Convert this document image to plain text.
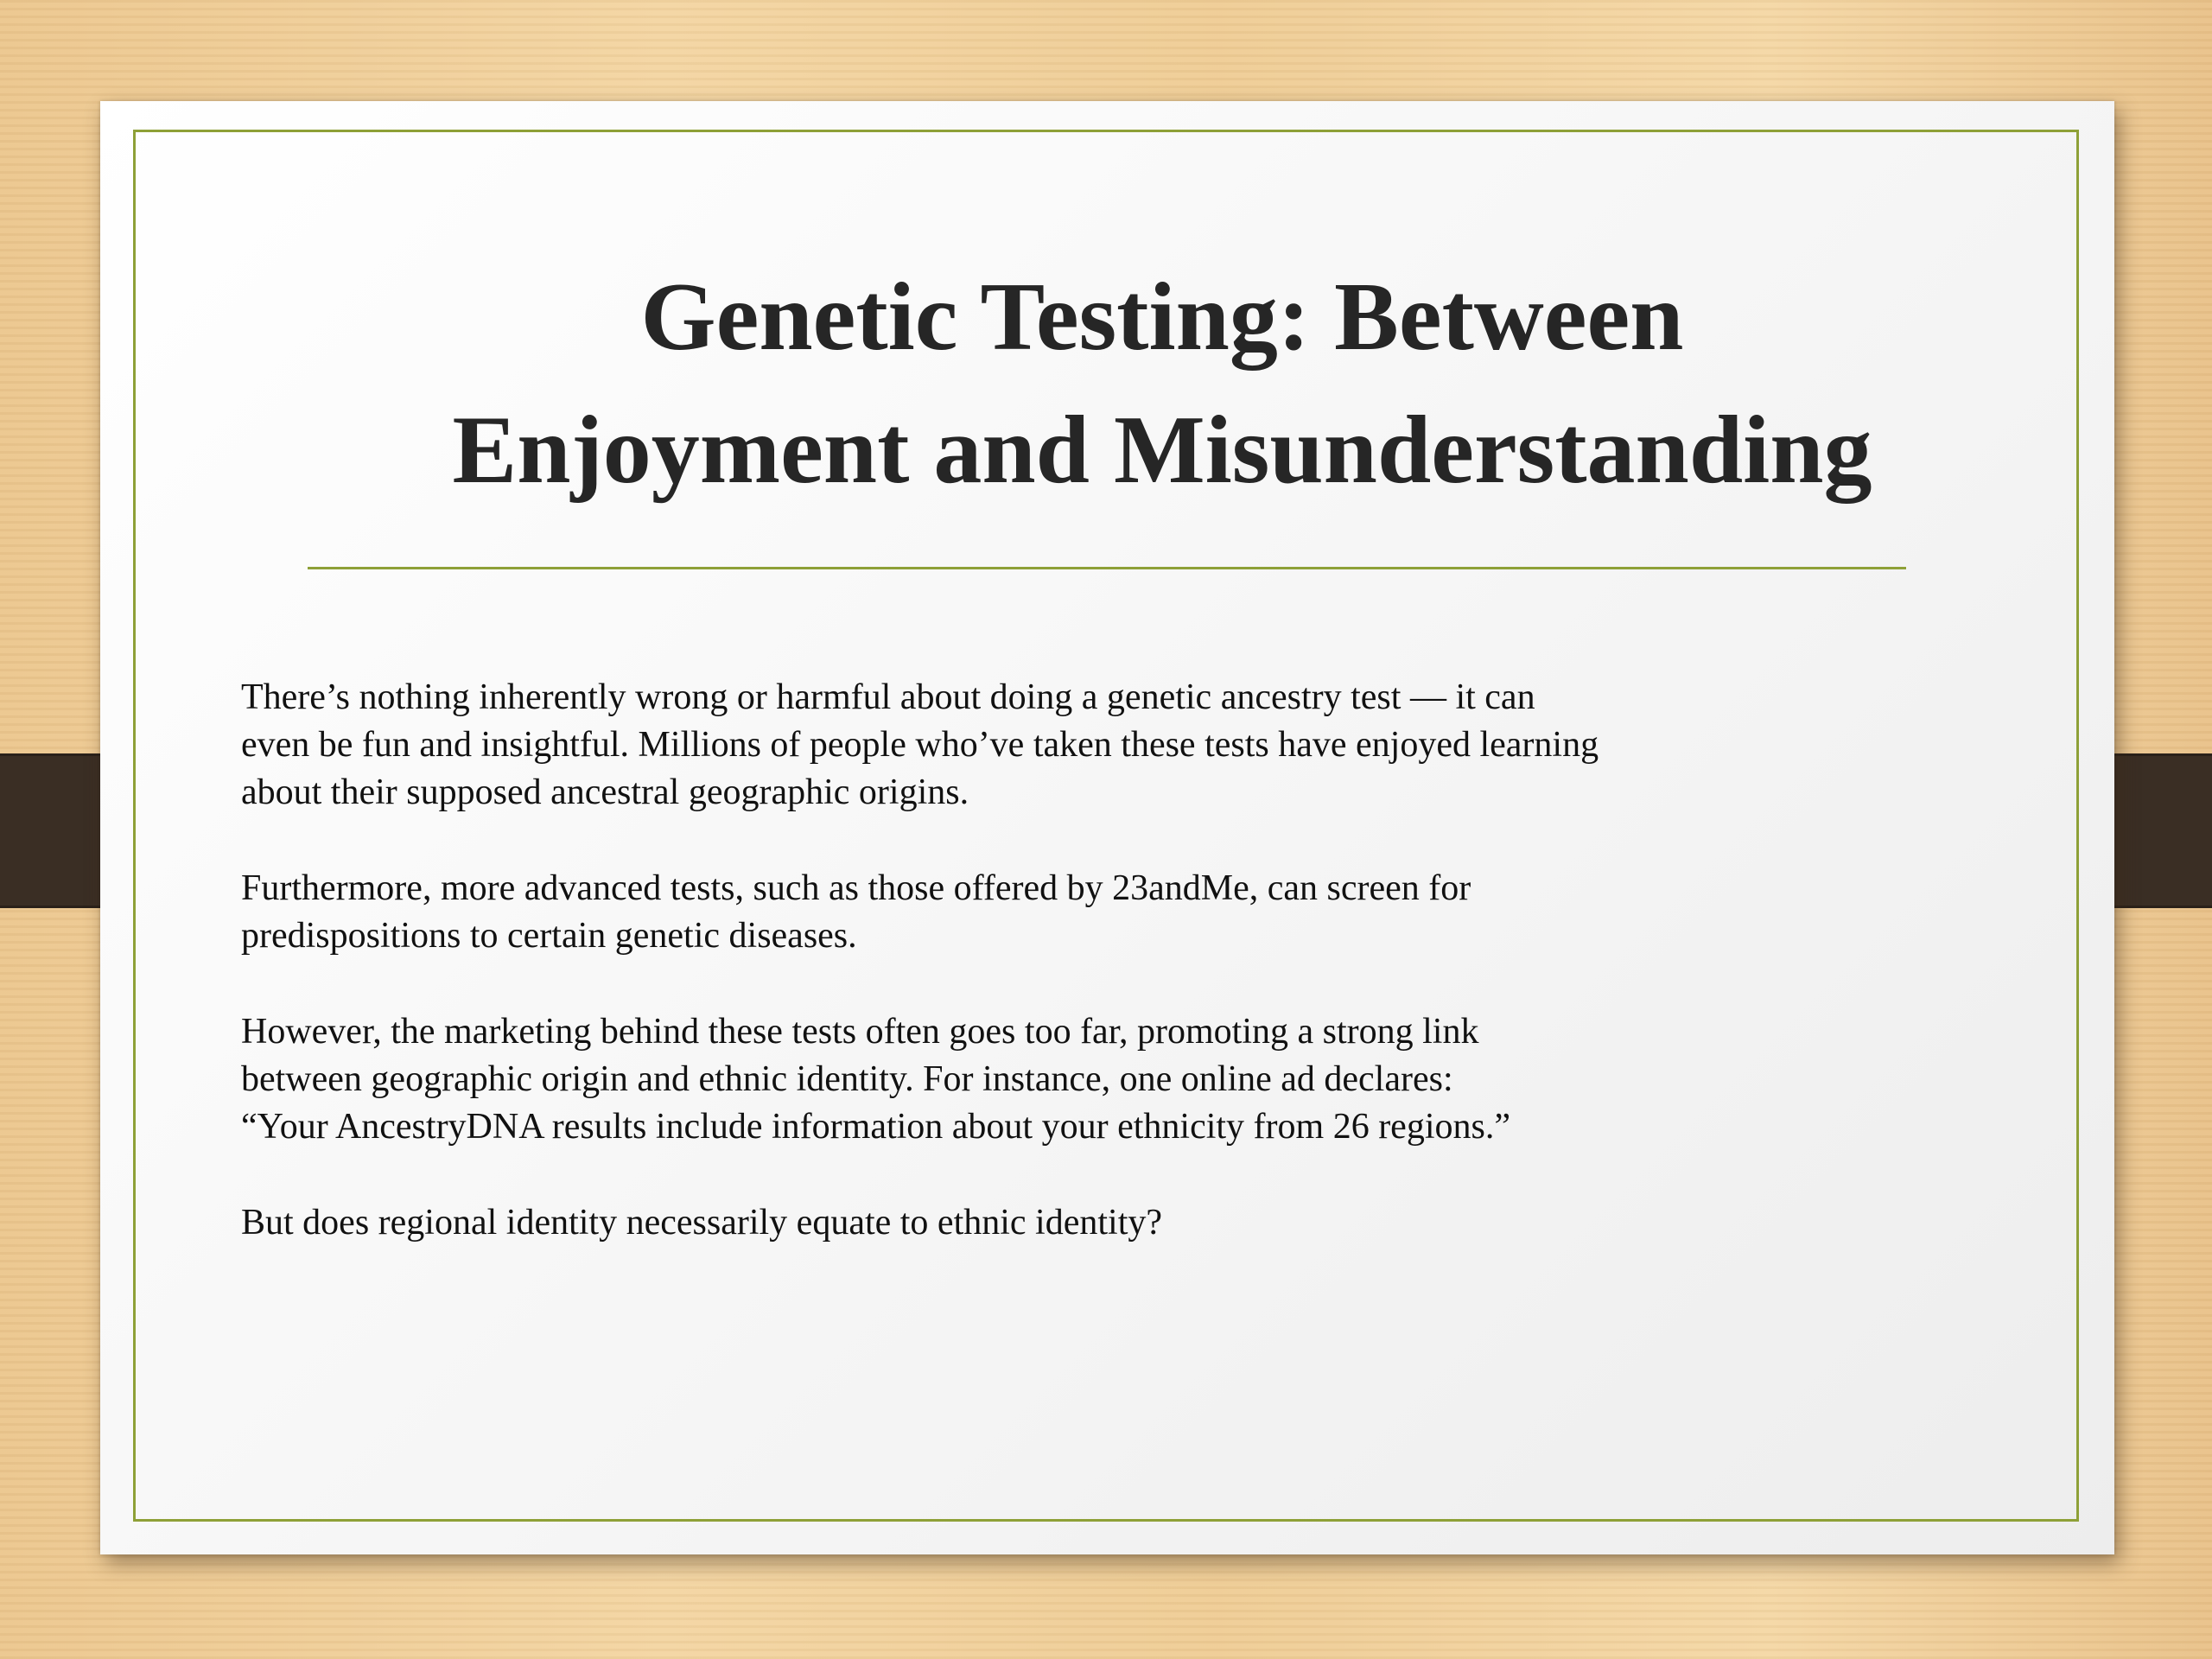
Genetic Testing: Between
Enjoyment and Misunderstanding

There’s nothing inherently wrong or harmful about doing a genetic ancestry test — it can
even be fun and insightful. Millions of people who’ve taken these tests have enjoyed learning
about their supposed ancestral geographic origins.

Furthermore, more advanced tests, such as those offered by 23andMe, can screen for
predispositions to certain genetic diseases.

However, the marketing behind these tests often goes too far, promoting a strong link
between geographic origin and ethnic identity. For instance, one online ad declares:
“Your AncestryDNA results include information about your ethnicity from 26 regions.”

But does regional identity necessarily equate to ethnic identity?
